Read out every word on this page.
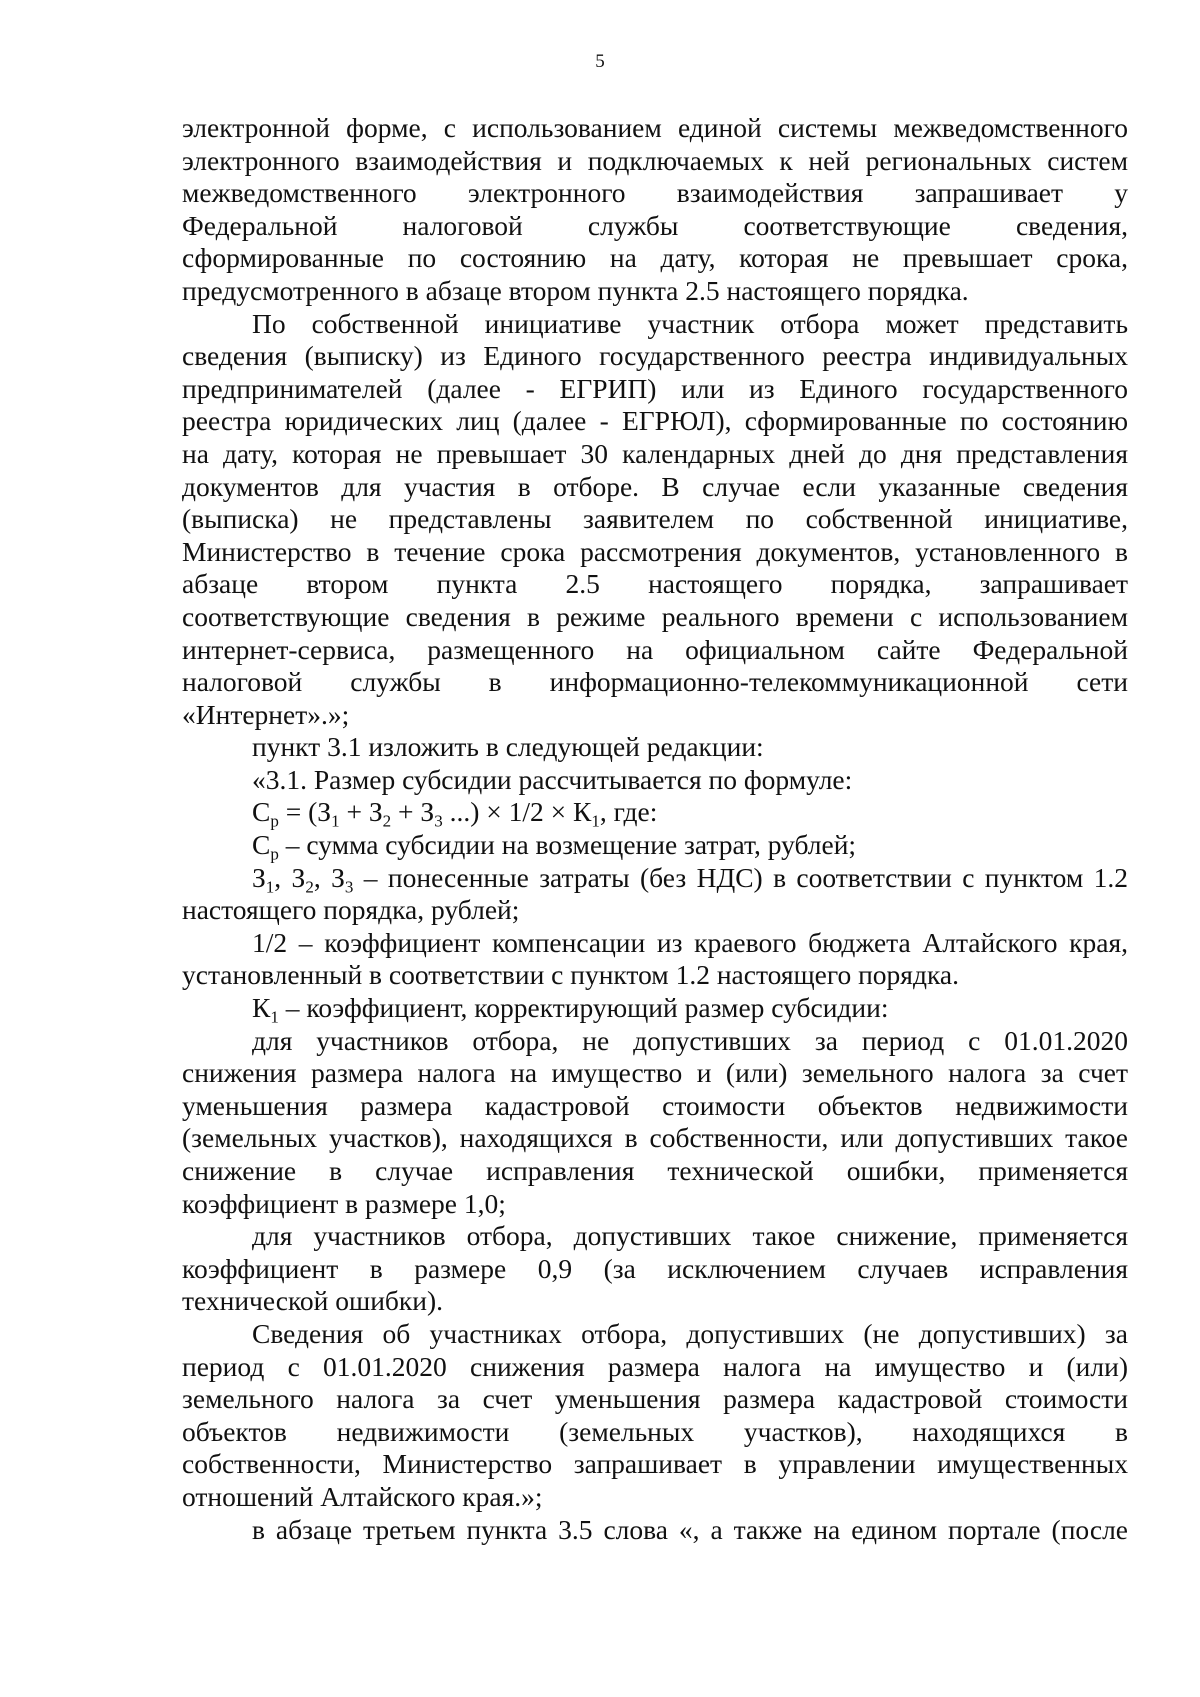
5
электронной форме, с использованием единой системы межведомственного
электронного взаимодействия и подключаемых к ней региональных систем
межведомственного электронного взаимодействия запрашивает у
Федеральной налоговой службы соответствующие сведения,
сформированные по состоянию на дату, которая не превышает срока,
предусмотренного в абзаце втором пункта 2.5 настоящего порядка.
По собственной инициативе участник отбора может представить
сведения (выписку) из Единого государственного реестра индивидуальных
предпринимателей (далее - ЕГРИП) или из Единого государственного
реестра юридических лиц (далее - ЕГРЮЛ), сформированные по состоянию
на дату, которая не превышает 30 календарных дней до дня представления
документов для участия в отборе. В случае если указанные сведения
(выписка) не представлены заявителем по собственной инициативе,
Министерство в течение срока рассмотрения документов, установленного в
абзаце втором пункта 2.5 настоящего порядка, запрашивает
соответствующие сведения в режиме реального времени с использованием
интернет-сервиса, размещенного на официальном сайте Федеральной
налоговой службы в информационно-телекоммуникационной сети
«Интернет».»;
пункт 3.1 изложить в следующей редакции:
«3.1. Размер субсидии рассчитывается по формуле:
$C_р = (З_1 + З_2 + З_3$ ...) × $1/2 \times К_1$, где:
$C_р$ – сумма субсидии на возмещение затрат, рублей;
$З_1$, $З_2$, $З_3$ – понесенные затраты (без НДС) в соответствии с пунктом 1.2
настоящего порядка, рублей;
1/2 – коэффициент компенсации из краевого бюджета Алтайского края,
установленный в соответствии с пунктом 1.2 настоящего порядка.
$К_1$ – коэффициент, корректирующий размер субсидии:
для участников отбора, не допустивших за период с 01.01.2020
снижения размера налога на имущество и (или) земельного налога за счет
уменьшения размера кадастровой стоимости объектов недвижимости
(земельных участков), находящихся в собственности, или допустивших такое
снижение в случае исправления технической ошибки, применяется
коэффициент в размере 1,0;
для участников отбора, допустивших такое снижение, применяется
коэффициент в размере 0,9 (за исключением случаев исправления
технической ошибки).
Сведения об участниках отбора, допустивших (не допустивших) за
период с 01.01.2020 снижения размера налога на имущество и (или)
земельного налога за счет уменьшения размера кадастровой стоимости
объектов недвижимости (земельных участков), находящихся в
собственности, Министерство запрашивает в управлении имущественных
отношений Алтайского края.»;
в абзаце третьем пункта 3.5 слова «, а также на едином портале (после
